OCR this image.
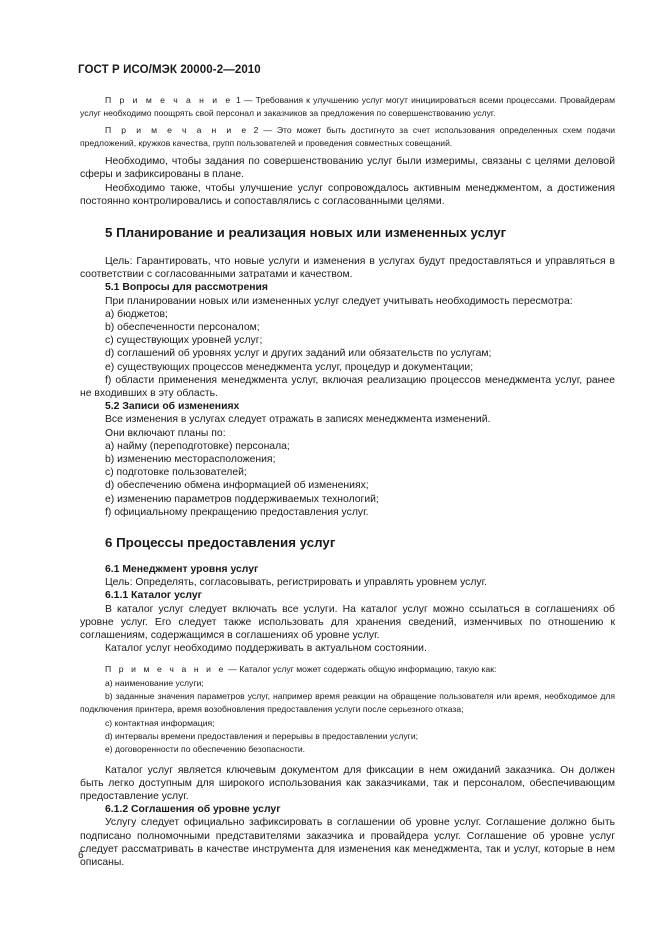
ГОСТ Р ИСО/МЭК 20000-2—2010

П р и м е ч а н и е 1 — Требования к улучшению услуг могут инициироваться всеми процессами. Провайдерам услуг необходимо поощрять свой персонал и заказчиков за предложения по совершенствованию услуг.

П р и м е ч а н и е 2 — Это может быть достигнуто за счет использования определенных схем подачи предложений, кружков качества, групп пользователей и проведения совместных совещаний.

Необходимо, чтобы задания по совершенствованию услуг были измеримы, связаны с целями деловой сферы и зафиксированы в плане.

Необходимо также, чтобы улучшение услуг сопровождалось активным менеджментом, а достижения постоянно контролировались и сопоставлялись с согласованными целями.

5 Планирование и реализация новых или измененных услуг

Цель: Гарантировать, что новые услуги и изменения в услугах будут предоставляться и управляться в соответствии с согласованными затратами и качеством.

5.1 Вопросы для рассмотрения

При планировании новых или измененных услуг следует учитывать необходимость пересмотра:

a) бюджетов;

b) обеспеченности персоналом;

c) существующих уровней услуг;

d) соглашений об уровнях услуг и других заданий или обязательств по услугам;

e) существующих процессов менеджмента услуг, процедур и документации;

f) области применения менеджмента услуг, включая реализацию процессов менеджмента услуг, ранее не входивших в эту область.

5.2 Записи об изменениях

Все изменения в услугах следует отражать в записях менеджмента изменений.

Они включают планы по:

a) найму (переподготовке) персонала;

b) изменению месторасположения;

c) подготовке пользователей;

d) обеспечению обмена информацией об изменениях;

e) изменению параметров поддерживаемых технологий;

f) официальному прекращению предоставления услуг.

6 Процессы предоставления услуг

6.1 Менеджмент уровня услуг

Цель: Определять, согласовывать, регистрировать и управлять уровнем услуг.

6.1.1 Каталог услуг

В каталог услуг следует включать все услуги. На каталог услуг можно ссылаться в соглашениях об уровне услуг. Его следует также использовать для хранения сведений, изменчивых по отношению к соглашениям, содержащимся в соглашениях об уровне услуг.

Каталог услуг необходимо поддерживать в актуальном состоянии.

П р и м е ч а н и е — Каталог услуг может содержать общую информацию, такую как:

a) наименование услуги;

b) заданные значения параметров услуг, например время реакции на обращение пользователя или время, необходимое для подключения принтера, время возобновления предоставления услуги после серьезного отказа;

c) контактная информация;

d) интервалы времени предоставления и перерывы в предоставлении услуги;

e) договоренности по обеспечению безопасности.

Каталог услуг является ключевым документом для фиксации в нем ожиданий заказчика. Он должен быть легко доступным для широкого использования как заказчиками, так и персоналом, обеспечивающим предоставление услуг.

6.1.2 Соглашения об уровне услуг

Услугу следует официально зафиксировать в соглашении об уровне услуг. Соглашение должно быть подписано полномочными представителями заказчика и провайдера услуг. Соглашение об уровне услуг следует рассматривать в качестве инструмента для изменения как менеджмента, так и услуг, которые в нем описаны.

6
